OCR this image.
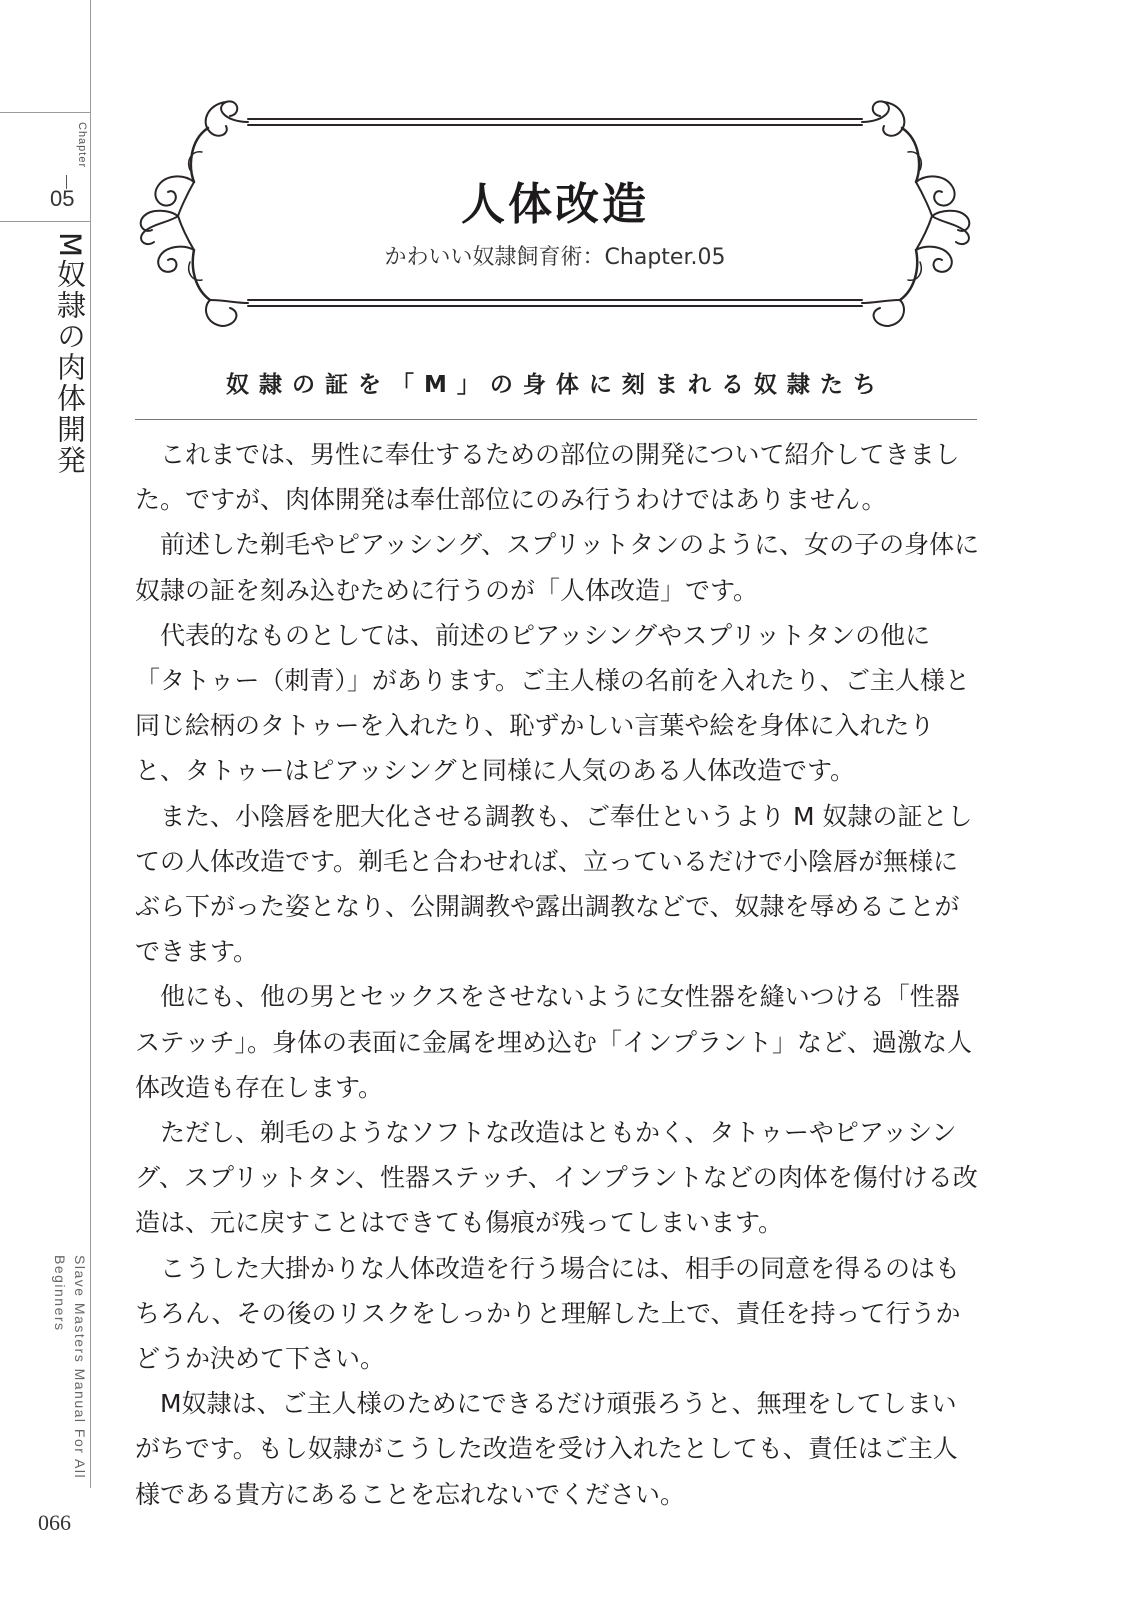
Chapter
05
M奴隷の肉体開発
Slave Masters Manual For All Beginners
066
人体改造
かわいい奴隷飼育術：Chapter.05
奴隷の証を「M」の身体に刻まれる奴隷たち

これまでは、男性に奉仕するための部位の開発について紹介してきました。ですが、肉体開発は奉仕部位にのみ行うわけではありません。

前述した剃毛やピアッシング、スプリットタンのように、女の子の身体に奴隷の証を刻み込むために行うのが「人体改造」です。

代表的なものとしては、前述のピアッシングやスプリットタンの他に「タトゥー（刺青）」があります。ご主人様の名前を入れたり、ご主人様と同じ絵柄のタトゥーを入れたり、恥ずかしい言葉や絵を身体に入れたりと、タトゥーはピアッシングと同様に人気のある人体改造です。

また、小陰唇を肥大化させる調教も、ご奉仕というより M 奴隷の証としての人体改造です。剃毛と合わせれば、立っているだけで小陰唇が無様にぶら下がった姿となり、公開調教や露出調教などで、奴隷を辱めることができます。

他にも、他の男とセックスをさせないように女性器を縫いつける「性器ステッチ」。身体の表面に金属を埋め込む「インプラント」など、過激な人体改造も存在します。

ただし、剃毛のようなソフトな改造はともかく、タトゥーやピアッシング、スプリットタン、性器ステッチ、インプラントなどの肉体を傷付ける改造は、元に戻すことはできても傷痕が残ってしまいます。

こうした大掛かりな人体改造を行う場合には、相手の同意を得るのはもちろん、その後のリスクをしっかりと理解した上で、責任を持って行うかどうか決めて下さい。

M奴隷は、ご主人様のためにできるだけ頑張ろうと、無理をしてしまいがちです。もし奴隷がこうした改造を受け入れたとしても、責任はご主人様である貴方にあることを忘れないでください。
